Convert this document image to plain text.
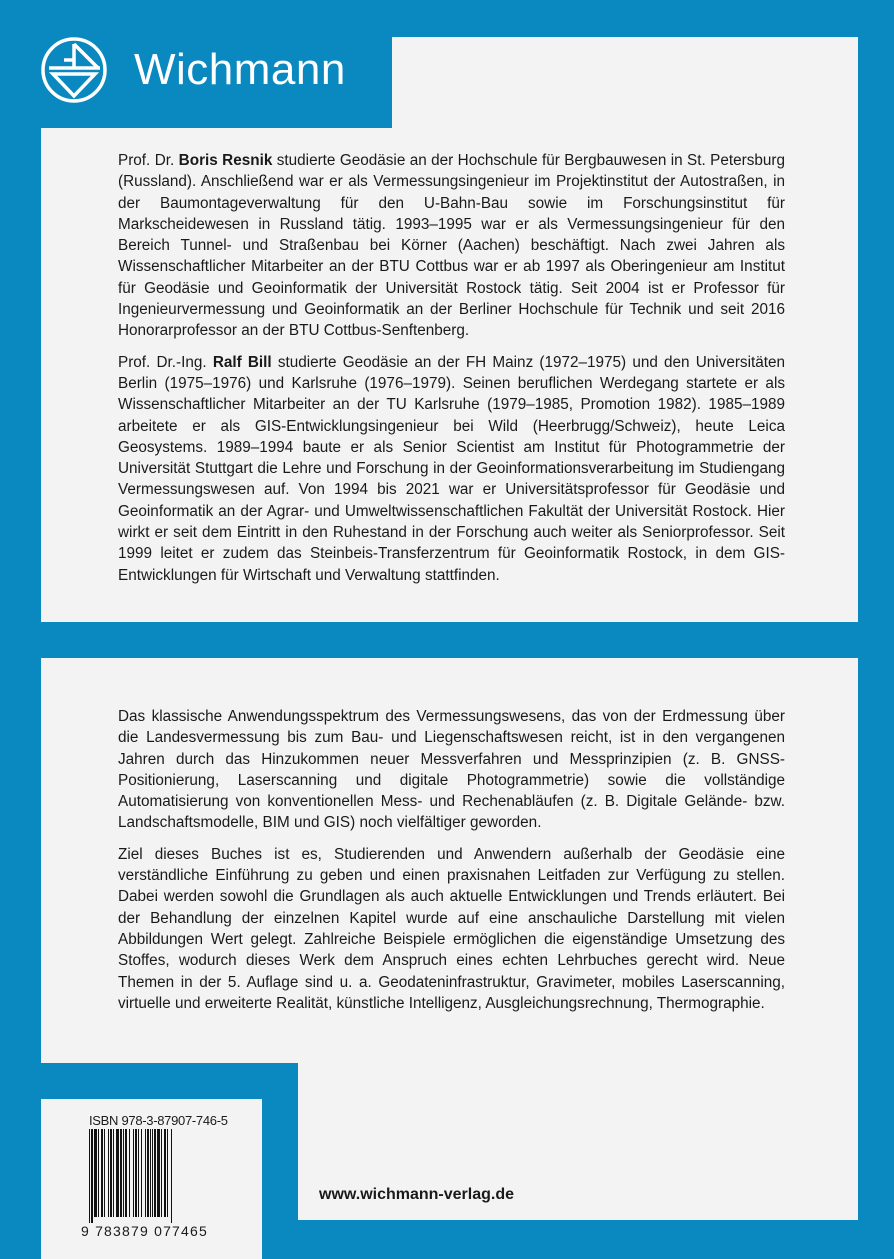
Wichmann

Prof. Dr. Boris Resnik studierte Geodäsie an der Hochschule für Bergbauwesen in St. Petersburg (Russland). Anschließend war er als Vermessungsingenieur im Projektinstitut der Autostraßen, in der Baumontageverwaltung für den U-Bahn-Bau sowie im Forschungsinstitut für Markscheidewesen in Russland tätig. 1993–1995 war er als Vermessungsingenieur für den Bereich Tunnel- und Straßenbau bei Körner (Aachen) beschäftigt. Nach zwei Jahren als Wissenschaftlicher Mitarbeiter an der BTU Cottbus war er ab 1997 als Oberingenieur am Institut für Geodäsie und Geoinformatik der Universität Rostock tätig. Seit 2004 ist er Professor für Ingenieurvermessung und Geoinformatik an der Berliner Hochschule für Technik und seit 2016 Honorarprofessor an der BTU Cottbus-Senftenberg.

Prof. Dr.-Ing. Ralf Bill studierte Geodäsie an der FH Mainz (1972–1975) und den Universitäten Berlin (1975–1976) und Karlsruhe (1976–1979). Seinen beruflichen Werdegang startete er als Wissenschaftlicher Mitarbeiter an der TU Karlsruhe (1979–1985, Promotion 1982). 1985–1989 arbeitete er als GIS-Entwicklungsingenieur bei Wild (Heerbrugg/Schweiz), heute Leica Geosystems. 1989–1994 baute er als Senior Scientist am Institut für Photogrammetrie der Universität Stuttgart die Lehre und Forschung in der Geoinformationsverarbeitung im Studiengang Vermessungswesen auf. Von 1994 bis 2021 war er Universitätsprofessor für Geodäsie und Geoinformatik an der Agrar- und Umweltwissenschaftlichen Fakultät der Universität Rostock. Hier wirkt er seit dem Eintritt in den Ruhestand in der Forschung auch weiter als Seniorprofessor. Seit 1999 leitet er zudem das Steinbeis-Transferzentrum für Geoinformatik Rostock, in dem GIS-Entwicklungen für Wirtschaft und Verwaltung stattfinden.

Das klassische Anwendungsspektrum des Vermessungswesens, das von der Erdmessung über die Landesvermessung bis zum Bau- und Liegenschaftswesen reicht, ist in den vergangenen Jahren durch das Hinzukommen neuer Messverfahren und Messprinzipien (z. B. GNSS-Positionierung, Laserscanning und digitale Photogrammetrie) sowie die vollständige Automatisierung von konventionellen Mess- und Rechenabläufen (z. B. Digitale Gelände- bzw. Landschaftsmodelle, BIM und GIS) noch vielfältiger geworden.

Ziel dieses Buches ist es, Studierenden und Anwendern außerhalb der Geodäsie eine verständliche Einführung zu geben und einen praxisnahen Leitfaden zur Verfügung zu stellen. Dabei werden sowohl die Grundlagen als auch aktuelle Entwicklungen und Trends erläutert. Bei der Behandlung der einzelnen Kapitel wurde auf eine anschauliche Darstellung mit vielen Abbildungen Wert gelegt. Zahlreiche Beispiele ermöglichen die eigenständige Umsetzung des Stoffes, wodurch dieses Werk dem Anspruch eines echten Lehrbuches gerecht wird. Neue Themen in der 5. Auflage sind u. a. Geodateninfrastruktur, Gravimeter, mobiles Laserscanning, virtuelle und erweiterte Realität, künstliche Intelligenz, Ausgleichungsrechnung, Thermographie.

ISBN 978-3-87907-746-5
9 783879 077465
www.wichmann-verlag.de
